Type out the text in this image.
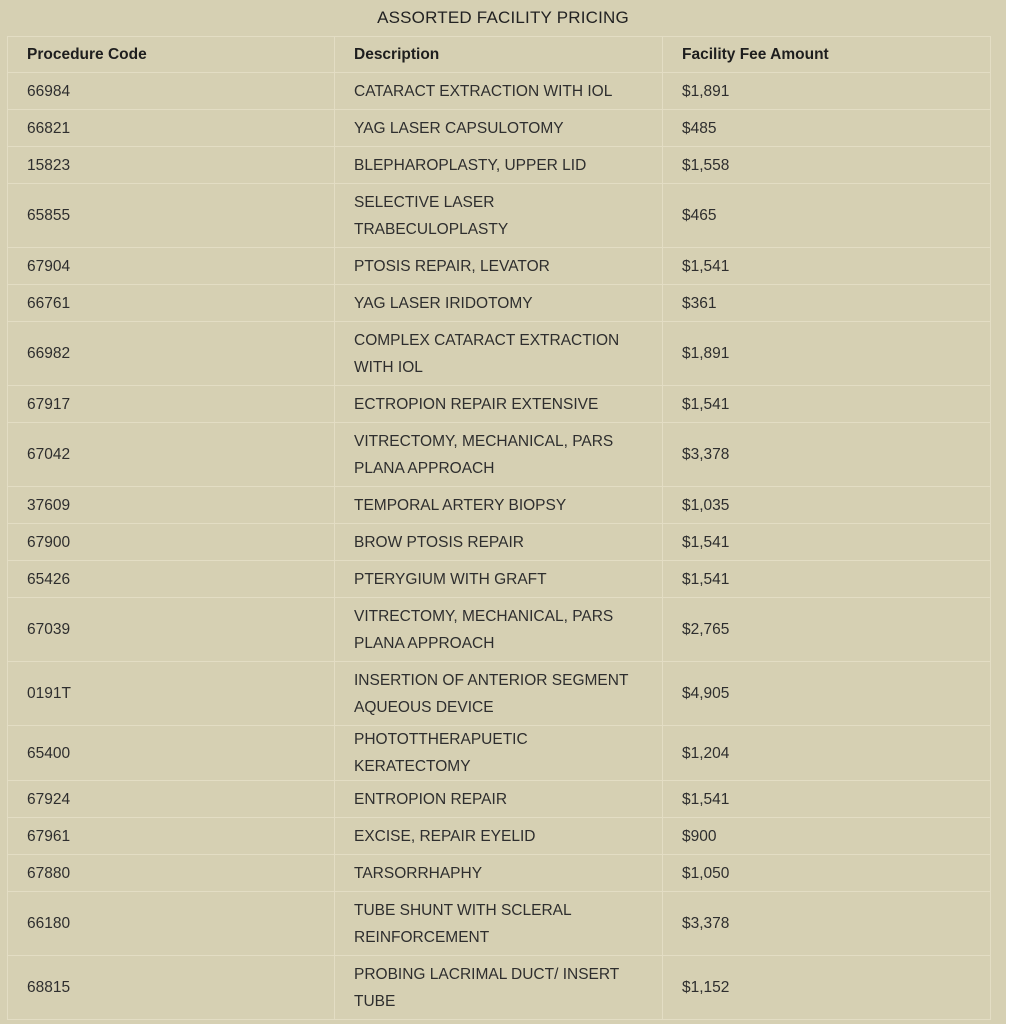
ASSORTED FACILITY PRICING
Procedure Code	Description	Facility Fee Amount
66984	CATARACT EXTRACTION WITH IOL	$1,891
66821	YAG LASER CAPSULOTOMY	$485
15823	BLEPHAROPLASTY, UPPER LID	$1,558
65855	SELECTIVE LASER TRABECULOPLASTY	$465
67904	PTOSIS REPAIR, LEVATOR	$1,541
66761	YAG LASER IRIDOTOMY	$361
66982	COMPLEX CATARACT EXTRACTION WITH IOL	$1,891
67917	ECTROPION REPAIR EXTENSIVE	$1,541
67042	VITRECTOMY, MECHANICAL, PARS PLANA APPROACH	$3,378
37609	TEMPORAL ARTERY BIOPSY	$1,035
67900	BROW PTOSIS REPAIR	$1,541
65426	PTERYGIUM WITH GRAFT	$1,541
67039	VITRECTOMY, MECHANICAL, PARS PLANA APPROACH	$2,765
0191T	INSERTION OF ANTERIOR SEGMENT AQUEOUS DEVICE	$4,905
65400	PHOTOTTHERAPUETIC KERATECTOMY	$1,204
67924	ENTROPION REPAIR	$1,541
67961	EXCISE, REPAIR EYELID	$900
67880	TARSORRHAPHY	$1,050
66180	TUBE SHUNT WITH SCLERAL REINFORCEMENT	$3,378
68815	PROBING LACRIMAL DUCT/ INSERT TUBE	$1,152
